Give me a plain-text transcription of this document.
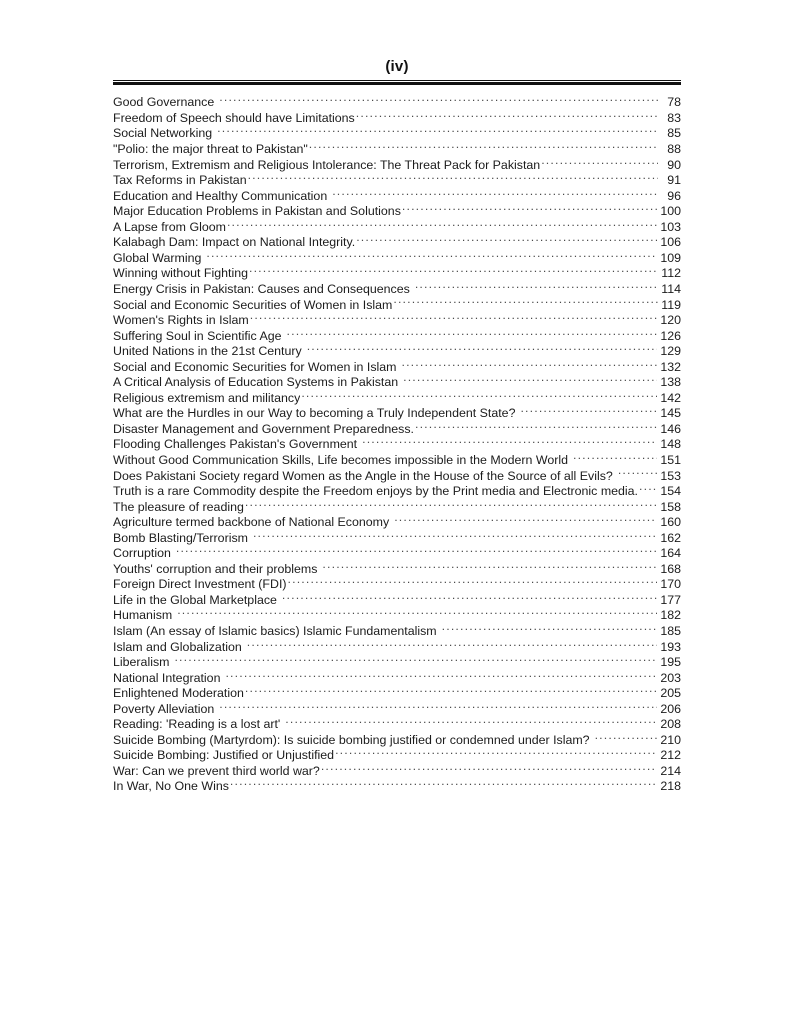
(iv)
Good Governance .....	78
Freedom of Speech should have Limitations .....	83
Social Networking .....	85
"Polio: the major threat to Pakistan" .....	88
Terrorism, Extremism and Religious Intolerance: The Threat Pack for Pakistan .....	90
Tax Reforms in Pakistan .....	91
Education and Healthy Communication .....	96
Major Education Problems in Pakistan and Solutions .....	100
A Lapse from Gloom .....	103
Kalabagh Dam: Impact on National Integrity. .....	106
Global Warming .....	109
Winning without Fighting .....	112
Energy Crisis in Pakistan: Causes and Consequences .....	114
Social and Economic Securities of Women in Islam .....	119
Women's Rights in Islam .....	120
Suffering Soul in Scientific Age .....	126
United Nations in the 21st Century .....	129
Social and Economic Securities for Women in Islam .....	132
A Critical Analysis of Education Systems in Pakistan .....	138
Religious extremism and militancy .....	142
What are the Hurdles in our Way to becoming a Truly Independent State? .....	145
Disaster Management and Government Preparedness. .....	146
Flooding Challenges Pakistan's Government .....	148
Without Good Communication Skills, Life becomes impossible in the Modern World .....	151
Does Pakistani Society regard Women as the Angle in the House of the Source of all Evils? .....	153
Truth is a rare Commodity despite the Freedom enjoys by the Print media and Electronic media. ..... 154
The pleasure of reading .....	158
Agriculture termed backbone of National Economy .....	160
Bomb Blasting/Terrorism .....	162
Corruption .....	164
Youths' corruption and their problems .....	168
Foreign Direct Investment (FDI) .....	170
Life in the Global Marketplace .....	177
Humanism .....	182
Islam (An essay of Islamic basics) Islamic Fundamentalism .....	185
Islam and Globalization .....	193
Liberalism .....	195
National Integration .....	203
Enlightened Moderation .....	205
Poverty Alleviation .....	206
Reading: 'Reading is a lost art' .....	208
Suicide Bombing (Martyrdom): Is suicide bombing justified or condemned under Islam? .....	210
Suicide Bombing: Justified or Unjustified .....	212
War: Can we prevent third world war? .....	214
In War, No One Wins .....	218
